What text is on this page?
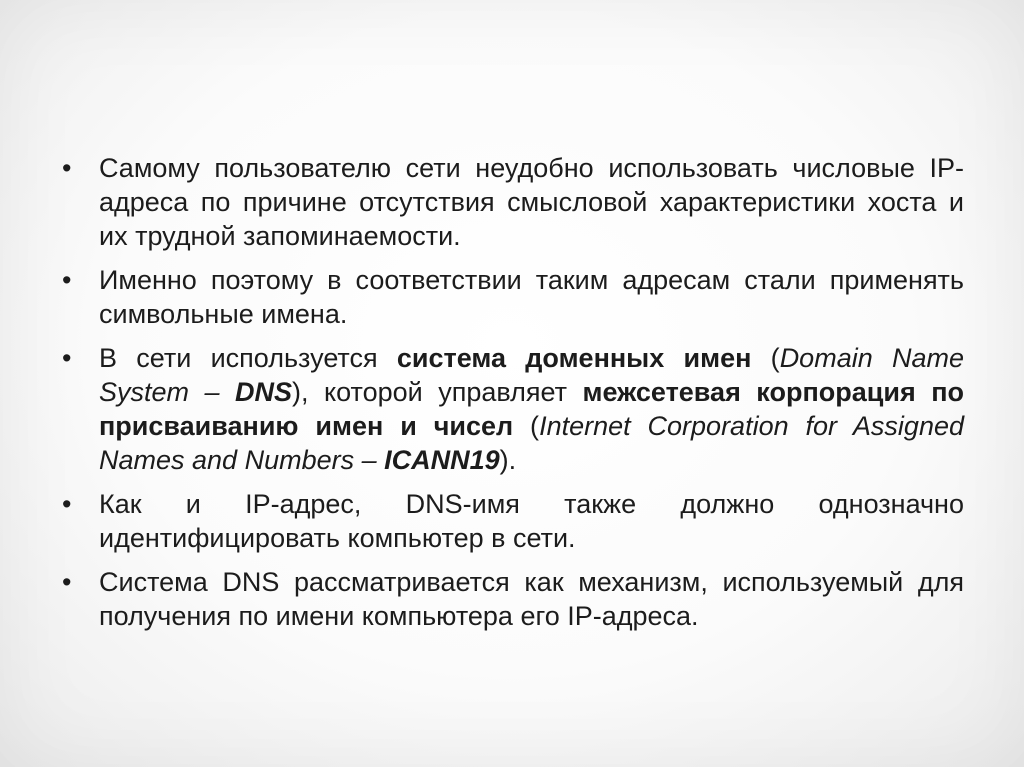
•	Самому пользователю сети неудобно использовать числовые IP-адреса по причине отсутствия смысловой характеристики хоста и их трудной запоминаемости.
•	Именно поэтому в соответствии таким адресам стали применять символьные имена.
•	В сети используется система доменных имен (Domain Name System – DNS), которой управляет межсетевая корпорация по присваиванию имен и чисел (Internet Corporation for Assigned Names and Numbers – ICANN19).
•	Как и IP-адрес, DNS-имя также должно однозначно идентифицировать компьютер в сети.
•	Система DNS рассматривается как механизм, используемый для получения по имени компьютера его IP-адреса.
